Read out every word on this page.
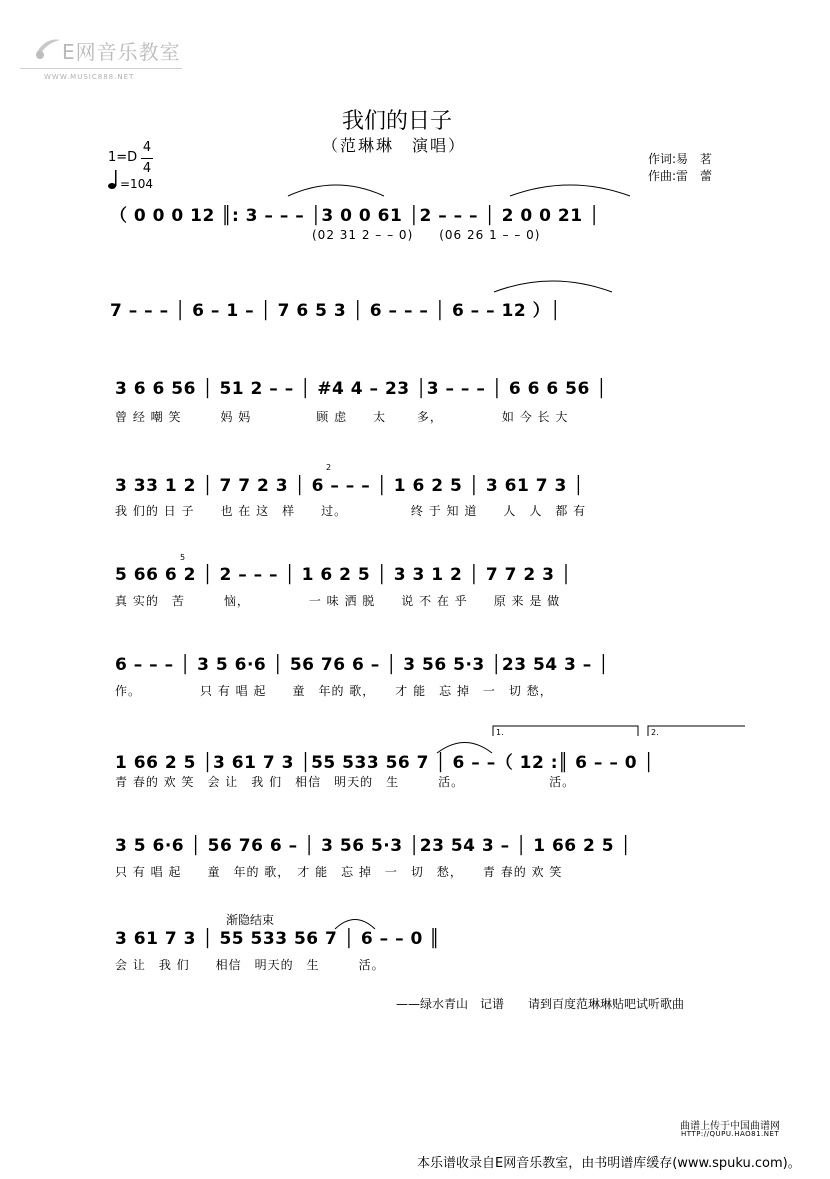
E网音乐教室
WWW.MUSIC888.NET
我们的日子
（范琳琳　演唱）
1=D
4
4
=104
作词:易　茗
作曲:雷　蕾
（ 0 0 0 12 ║: 3 – – – │3 0 0 61 │2 – – – │ 2 0 0 21 │
(02 31 2 – – 0)　　(06 26 1 – – 0)
7 – – – │ 6 – 1 – │ 7 6 5 3 │ 6 – – – │ 6 – – 12 ）│
3 6 6 56 │ 51 2 – – │ #4 4 – 23 │3 – – – │ 6 6 6 56 │
曾 经 嘲 笑　　　妈 妈　　　　　顾 虑　　太　　 多，　　　　　如 今 长 大
3 33 1 2 │ 7 7 2 3 │ 6 – – – │ 1 6 2 5 │ 3 61 7 3 │
我 们的 日 子　　也 在 这　样　　过。　　　　　 终 于 知 道　　人　人　都 有
5 66 6 2 │ 2 – – – │ 1 6 2 5 │ 3 3 1 2 │ 7 7 2 3 │
真 实的　苦　　　恼，　　　　　一 味 洒 脱　　说 不 在 乎　　原 来 是 做
6 – – – │ 3 5 6·6 │ 56 76 6 – │ 3 56 5·3 │23 54 3 – │
作。　　　　　只 有 唱 起　　童　年的 歌，　　才 能　忘 掉　一　切 愁，
1 66 2 5 │3 61 7 3 │55 533 56 7 │ 6 – –（ 12 :║ 6 – – 0 │
青 春的 欢 笑　会 让　我 们　相信　明天的　生　　　活。　　　　　　　活。
3 5 6·6 │ 56 76 6 – │ 3 56 5·3 │23 54 3 – │ 1 66 2 5 │
只 有 唱 起　　童　年的 歌，　才 能　忘 掉　一　切　愁，　　青 春的 欢 笑
3 61 7 3 │ 55 533 56 7 │ 6 – – 0 ║
会 让　我 们　　相信　明天的　生　　　活。
渐隐结束
1.	2.
2
5
——绿水青山　记谱　　请到百度范琳琳贴吧试听歌曲
曲谱上传于中国曲谱网
HTTP://QUPU.HAO81.NET
本乐谱收录自E网音乐教室，由书明谱库缓存(www.spuku.com)。
